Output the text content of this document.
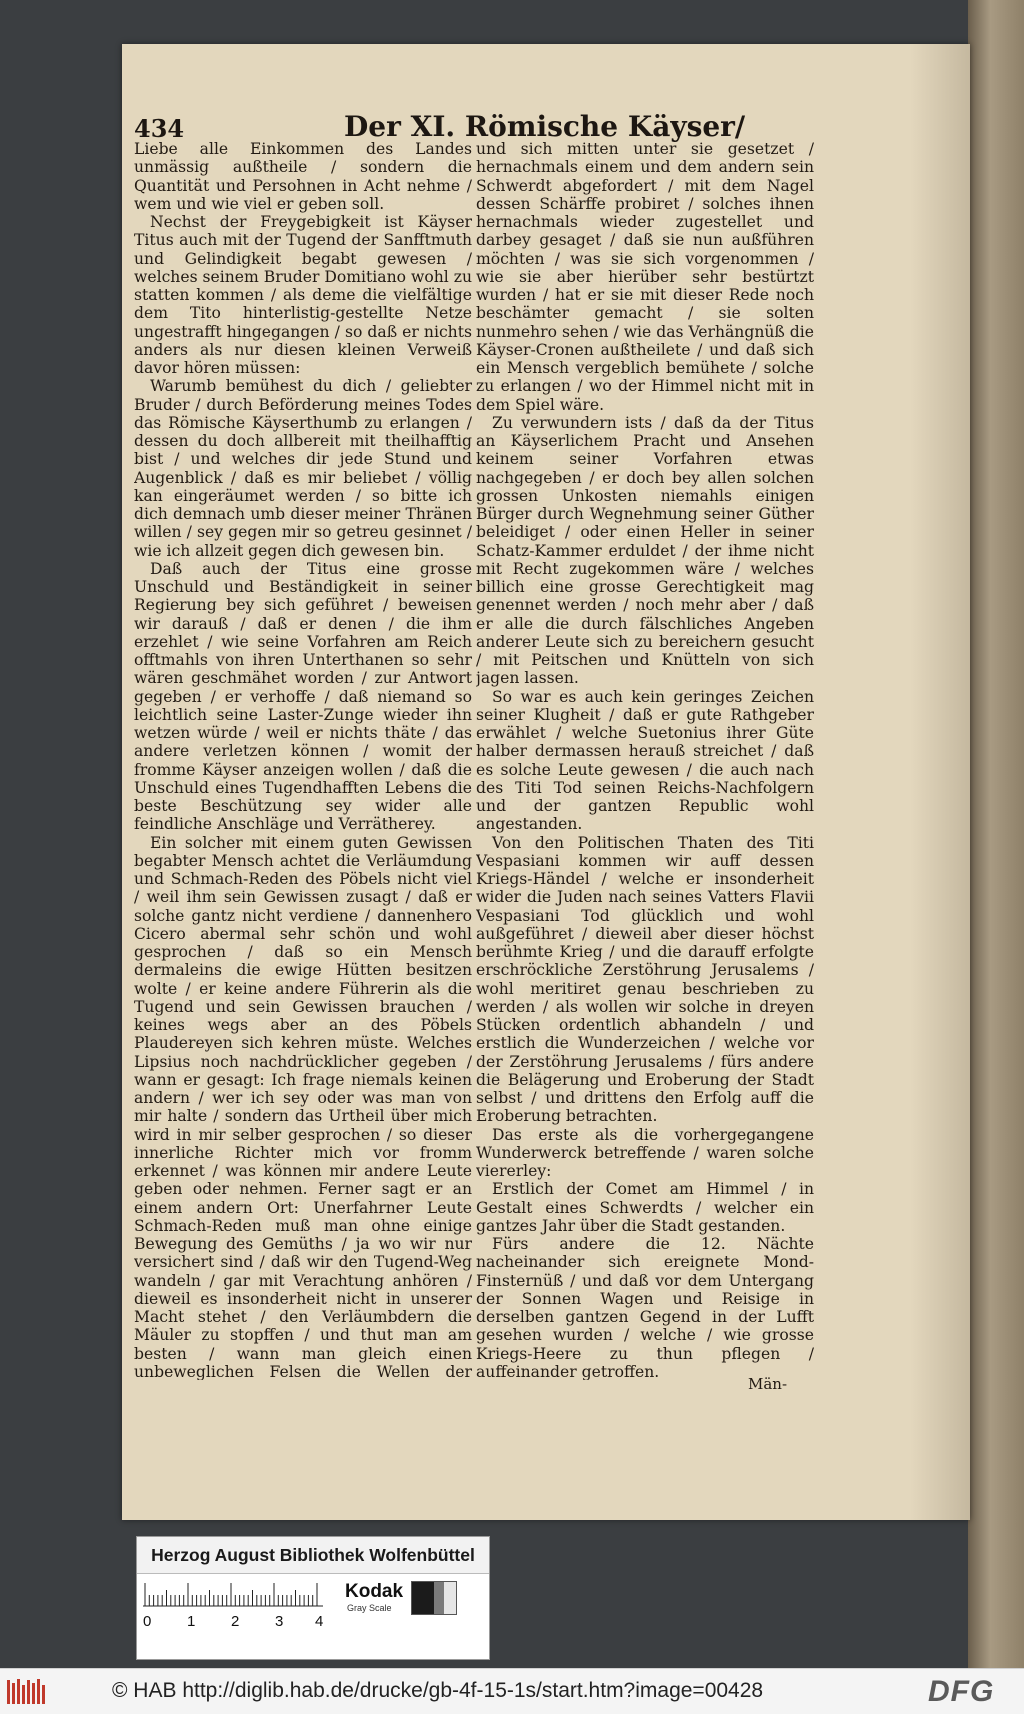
434	Der XI. Römische Käyser/

Liebe alle Einkommen des Landes unmässig außtheile / sondern die Quantität und Persohnen in Acht nehme / wem und wie viel er geben soll.

Nechst der Freygebigkeit ist Käyser Titus auch mit der Tugend der Sanfftmuth und Gelindigkeit begabt gewesen / welches seinem Bruder Domitiano wohl zu statten kommen / als deme die vielfältige dem Tito hinterlistig-gestellte Netze ungestrafft hingegangen / so daß er nichts anders als nur diesen kleinen Verweiß davor hören müssen:

Warumb bemühest du dich / geliebter Bruder / durch Beförderung meines Todes das Römische Käyserthumb zu erlangen / dessen du doch allbereit mit theilhafftig bist / und welches dir jede Stund und Augenblick / daß es mir beliebet / völlig kan eingeräumet werden / so bitte ich dich demnach umb dieser meiner Thränen willen / sey gegen mir so getreu gesinnet / wie ich allzeit gegen dich gewesen bin.

Daß auch der Titus eine grosse Unschuld und Beständigkeit in seiner Regierung bey sich geführet / beweisen wir darauß / daß er denen / die ihm erzehlet / wie seine Vorfahren am Reich offtmahls von ihren Unterthanen so sehr wären geschmähet worden / zur Antwort gegeben / er verhoffe / daß niemand so leichtlich seine Laster-Zunge wieder ihn wetzen würde / weil er nichts thäte / das andere verletzen können / womit der fromme Käyser anzeigen wollen / daß die Unschuld eines Tugendhafften Lebens die beste Beschützung sey wider alle feindliche Anschläge und Verrätherey.

Ein solcher mit einem guten Gewissen begabter Mensch achtet die Verläumdung und Schmach-Reden des Pöbels nicht viel / weil ihm sein Gewissen zusagt / daß er solche gantz nicht verdiene / dannenhero Cicero abermal sehr schön und wohl gesprochen / daß so ein Mensch dermaleins die ewige Hütten besitzen wolte / er keine andere Führerin als die Tugend und sein Gewissen brauchen / keines wegs aber an des Pöbels Plaudereyen sich kehren müste. Welches Lipsius noch nachdrücklicher gegeben / wann er gesagt: Ich frage niemals keinen andern / wer ich sey oder was man von mir halte / sondern das Urtheil über mich wird in mir selber gesprochen / so dieser innerliche Richter mich vor fromm erkennet / was können mir andere Leute geben oder nehmen. Ferner sagt er an einem andern Ort: Unerfahrner Leute Schmach-Reden muß man ohne einige Bewegung des Gemüths / ja wo wir nur versichert sind / daß wir den Tugend-Weg wandeln / gar mit Verachtung anhören / dieweil es insonderheit nicht in unserer Macht stehet / den Verläumbdern die Mäuler zu stopffen / und thut man am besten / wann man gleich einen unbeweglichen Felsen die Wellen der

und sich mitten unter sie gesetzet / hernachmals einem und dem andern sein Schwerdt abgefordert / mit dem Nagel dessen Schärffe probiret / solches ihnen hernachmals wieder zugestellet und darbey gesaget / daß sie nun außführen möchten / was sie sich vorgenommen / wie sie aber hierüber sehr bestürtzt wurden / hat er sie mit dieser Rede noch beschämter gemacht / sie solten nunmehro sehen / wie das Verhängnüß die Käyser-Cronen außtheilete / und daß sich ein Mensch vergeblich bemühete / solche zu erlangen / wo der Himmel nicht mit in dem Spiel wäre.

Zu verwundern ists / daß da der Titus an Käyserlichem Pracht und Ansehen keinem seiner Vorfahren etwas nachgegeben / er doch bey allen solchen grossen Unkosten niemahls einigen Bürger durch Wegnehmung seiner Güther beleidiget / oder einen Heller in seiner Schatz-Kammer erduldet / der ihme nicht mit Recht zugekommen wäre / welches billich eine grosse Gerechtigkeit mag genennet werden / noch mehr aber / daß er alle die durch fälschliches Angeben anderer Leute sich zu bereichern gesucht / mit Peitschen und Knütteln von sich jagen lassen.

So war es auch kein geringes Zeichen seiner Klugheit / daß er gute Rathgeber erwählet / welche Suetonius ihrer Güte halber dermassen herauß streichet / daß es solche Leute gewesen / die auch nach des Titi Tod seinen Reichs-Nachfolgern und der gantzen Republic wohl angestanden.

Von den Politischen Thaten des Titi Vespasiani kommen wir auff dessen Kriegs-Händel / welche er insonderheit wider die Juden nach seines Vatters Flavii Vespasiani Tod glücklich und wohl außgeführet / dieweil aber dieser höchst berühmte Krieg / und die darauff erfolgte erschröckliche Zerstöhrung Jerusalems / wohl meritiret genau beschrieben zu werden / als wollen wir solche in dreyen Stücken ordentlich abhandeln / und erstlich die Wunderzeichen / welche vor der Zerstöhrung Jerusalems / fürs andere die Belägerung und Eroberung der Stadt selbst / und drittens den Erfolg auff die Eroberung betrachten.

Das erste als die vorhergegangene Wunderwerck betreffende / waren solche viererley:

Erstlich der Comet am Himmel / in Gestalt eines Schwerdts / welcher ein gantzes Jahr über die Stadt gestanden.

Fürs andere die 12. Nächte nacheinander sich ereignete Mond-Finsternüß / und daß vor dem Untergang der Sonnen Wagen und Reisige in derselben gantzen Gegend in der Lufft gesehen wurden / welche / wie grosse Kriegs-Heere zu thun pflegen / auffeinander getroffen.

Män-
Herzog August Bibliothek Wolfenbüttel
0 1 2 3 4
Kodak
Gray Scale
© HAB http://diglib.hab.de/drucke/gb-4f-15-1s/start.htm?image=00428	DFG
